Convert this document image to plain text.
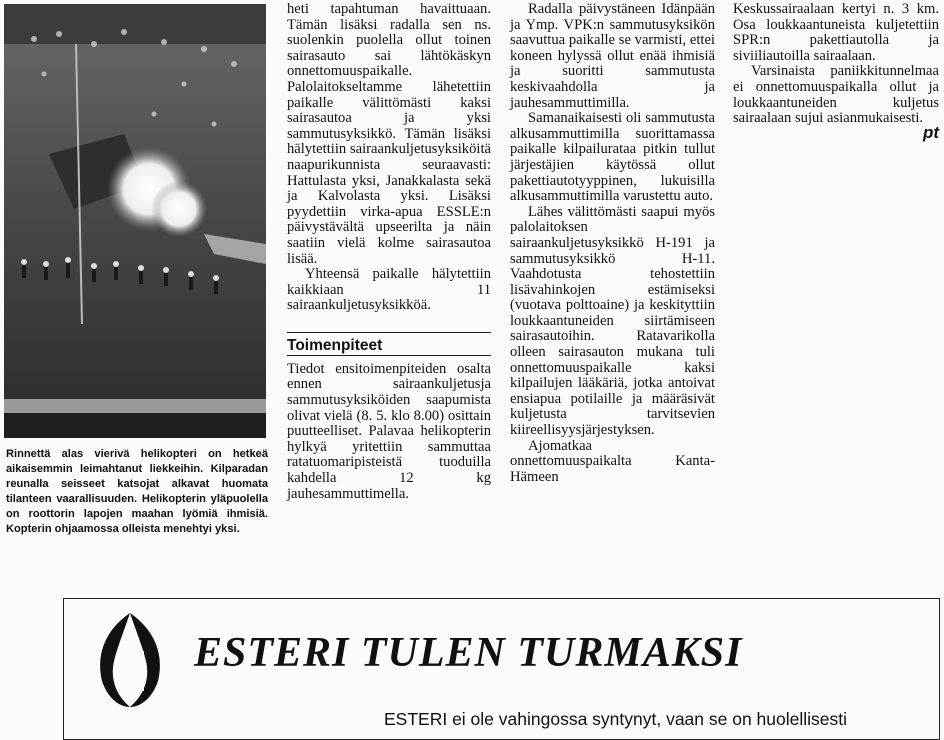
Rinnettä alas vierivä helikopteri on hetkeä aikaisemmin leimahtanut liekkeihin. Kilparadan reunalla seisseet katsojat alkavat huomata tilanteen vaarallisuuden. Helikopterin yläpuolella on roottorin lapojen maahan lyömiä ihmisiä. Kopterin ohjaamossa olleista menehtyi yksi.

heti tapahtuman havaittuaan. Tämän lisäksi radalla sen ns. suolenkin puolella ollut toinen sairasauto sai lähtökäskyn onnettomuuspaikalle. Palolaitokseltamme lähetettiin paikalle välittömästi kaksi sairasautoa ja yksi sammutusyksikkö. Tämän lisäksi hälytettiin sairaankuljetusyksiköitä naapurikunnista seuraavasti: Hattulasta yksi, Janakkalasta sekä ja Kalvolasta yksi. Lisäksi pyydettiin virka-apua ESSLE:n päivystävältä upseerilta ja näin saatiin vielä kolme sairasautoa lisää.

Yhteensä paikalle hälytettiin kaikkiaan 11 sairaankuljetusyksikköä.

Toimenpiteet

Tiedot ensitoimenpiteiden osalta ennen sairaankuljetusja sammutusyksiköiden saapumista olivat vielä (8. 5. klo 8.00) osittain puutteelliset. Palavaa helikopterin hylkyä yritettiin sammuttaa ratatuomaripisteistä tuoduilla kahdella 12 kg jauhesammuttimella.

Radalla päivystäneen Idänpään ja Ymp. VPK:n sammutusyksikön saavuttua paikalle se varmisti, ettei koneen hylyssä ollut enää ihmisiä ja suoritti sammutusta keskivaahdolla ja jauhesammuttimilla.

Samanaikaisesti oli sammutusta alkusammuttimilla suorittamassa paikalle kilpailurataa pitkin tullut järjestäjien käytössä ollut pakettiautotyyppinen, lukuisilla alkusammuttimilla varustettu auto.

Lähes välittömästi saapui myös palolaitoksen sairaankuljetusyksikkö H-191 ja sammutusyksikkö H-11. Vaahdotusta tehostettiin lisävahinkojen estämiseksi (vuotava polttoaine) ja keskityttiin loukkaantuneiden siirtämiseen sairasautoihin. Ratavarikolla olleen sairasauton mukana tuli onnettomuuspaikalle kaksi kilpailujen lääkäriä, jotka antoivat ensiapua potilaille ja määräsivät kuljetusta tarvitsevien kiireellisyysjärjestyksen.

Ajomatkaa onnettomuuspaikalta Kanta-Hämeen

Keskussairaalaan kertyi n. 3 km. Osa loukkaantuneista kuljetettiin SPR:n pakettiautolla ja siviiliautoilla sairaalaan.

Varsinaista paniikkitunnelmaa ei onnettomuuspaikalla ollut ja loukkaantuneiden kuljetus sairaalaan sujui asianmukaisesti.
pt

ESTERI TULEN TURMAKSI
ESTERI ei ole vahingossa syntynyt, vaan se on huolellisesti
